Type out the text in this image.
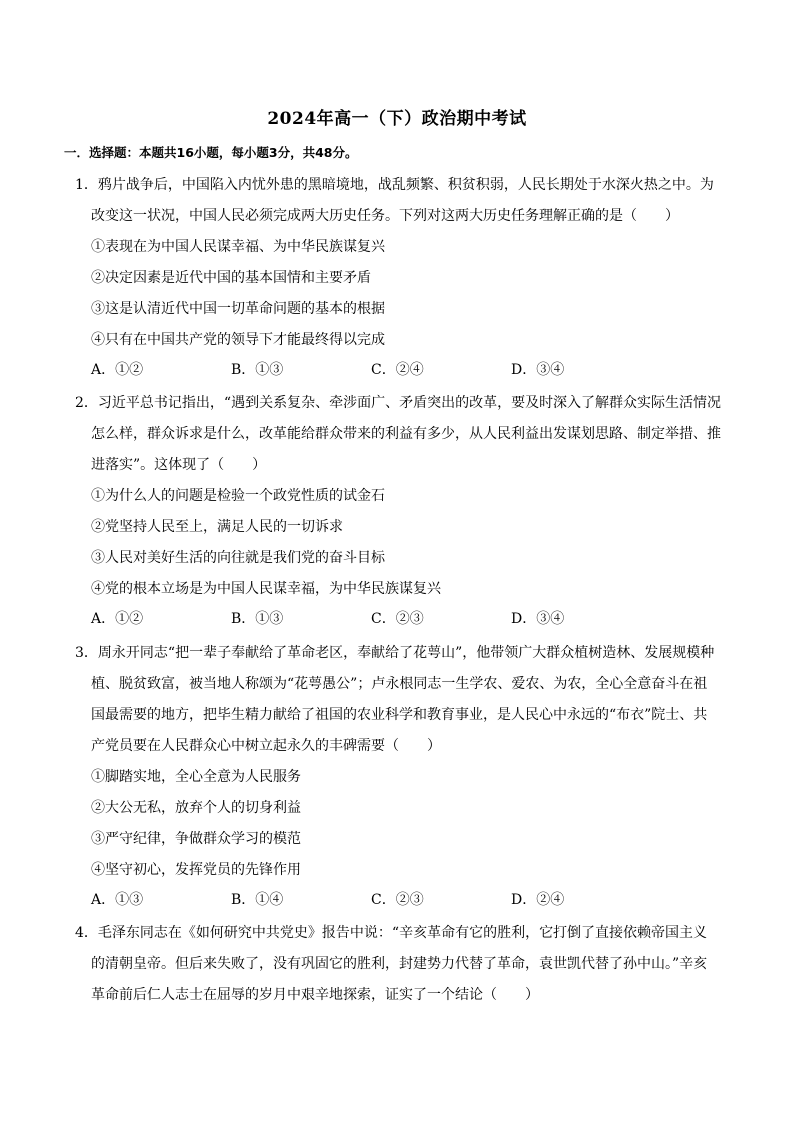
2024年高一（下）政治期中考试
一．选择题：本题共16小题，每小题3分，共48分。
1．鸦片战争后，中国陷入内忧外患的黑暗境地，战乱频繁、积贫积弱，人民长期处于水深火热之中。为
改变这一状况，中国人民必须完成两大历史任务。下列对这两大历史任务理解正确的是（　　）
①表现在为中国人民谋幸福、为中华民族谋复兴
②决定因素是近代中国的基本国情和主要矛盾
③这是认清近代中国一切革命问题的基本的根据
④只有在中国共产党的领导下才能最终得以完成
A．①②	B．①③	C．②④	D．③④
2．习近平总书记指出，“遇到关系复杂、牵涉面广、矛盾突出的改革，要及时深入了解群众实际生活情况
怎么样，群众诉求是什么，改革能给群众带来的利益有多少，从人民利益出发谋划思路、制定举措、推
进落实”。这体现了（　　）
①为什么人的问题是检验一个政党性质的试金石
②党坚持人民至上，满足人民的一切诉求
③人民对美好生活的向往就是我们党的奋斗目标
④党的根本立场是为中国人民谋幸福，为中华民族谋复兴
A．①②	B．①③	C．②③	D．③④
3．周永开同志“把一辈子奉献给了革命老区，奉献给了花萼山”，他带领广大群众植树造林、发展规模种
植、脱贫致富，被当地人称颂为“花萼愚公”；卢永根同志一生学农、爱农、为农，全心全意奋斗在祖
国最需要的地方，把毕生精力献给了祖国的农业科学和教育事业，是人民心中永远的“布衣”院士、共
产党员要在人民群众心中树立起永久的丰碑需要（　　）
①脚踏实地，全心全意为人民服务
②大公无私，放弃个人的切身利益
③严守纪律，争做群众学习的模范
④坚守初心，发挥党员的先锋作用
A．①③	B．①④	C．②③	D．②④
4．毛泽东同志在《如何研究中共党史》报告中说：“辛亥革命有它的胜利，它打倒了直接依赖帝国主义
的清朝皇帝。但后来失败了，没有巩固它的胜利，封建势力代替了革命，袁世凯代替了孙中山。”辛亥
革命前后仁人志士在屈辱的岁月中艰辛地探索，证实了一个结论（　　）
